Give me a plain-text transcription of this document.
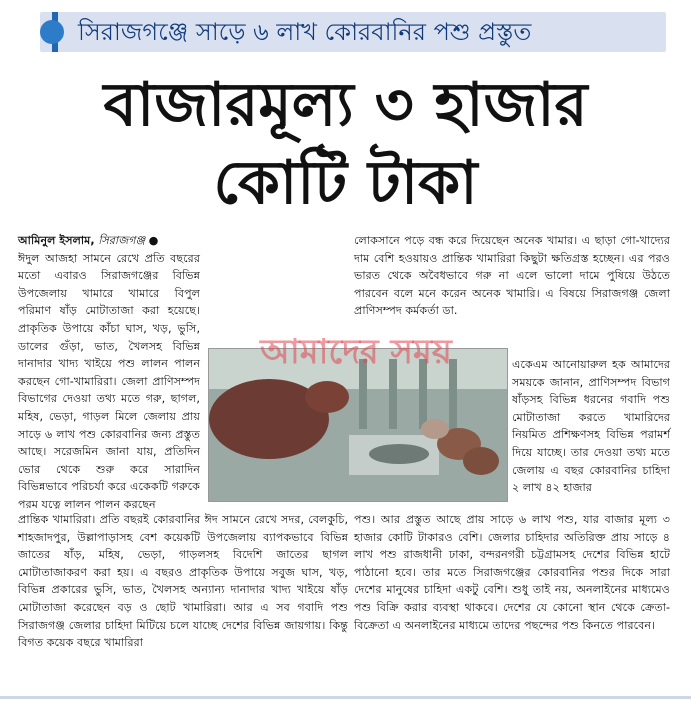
সিরাজগঞ্জে সাড়ে ৬ লাখ কোরবানির পশু প্রস্তুত
বাজারমূল্য ৩ হাজার
কোটি টাকা

আমিনুল ইসলাম, সিরাজগঞ্জ ●

ঈদুল আজহা সামনে রেখে প্রতি বছরের মতো এবারও সিরাজগঞ্জের বিভিন্ন উপজেলায় খামারে খামারে বিপুল পরিমাণ ষাঁড় মোটাতাজা করা হয়েছে। প্রাকৃতিক উপায়ে কাঁচা ঘাস, খড়, ভুসি, ডালের গুঁড়া, ভাত, খৈলসহ বিভিন্ন দানাদার খাদ্য খাইয়ে পশু লালন পালন করছেন গো-খামারিরা। জেলা প্রাণিসম্পদ বিভাগের দেওয়া তথ্য মতে গরু, ছাগল, মহিষ, ভেড়া, গাড়ল মিলে জেলায় প্রায় সাড়ে ৬ লাখ পশু কোরবানির জন্য প্রস্তুত আছে। সরেজমিন জানা যায়, প্রতিদিন ভোর থেকে শুরু করে সারাদিন বিভিন্নভাবে পরিচর্যা করে একেকটি গরুকে পরম যত্নে লালন পালন করছেন

আমাদের সময়

প্রান্তিক খামারিরা। প্রতি বছরই কোরবানির ঈদ সামনে রেখে সদর, বেলকুচি, শাহজাদপুর, উল্লাপাড়াসহ বেশ কয়েকটি উপজেলায় ব্যাপকভাবে বিভিন্ন জাতের ষাঁড়, মহিষ, ভেড়া, গাড়লসহ বিদেশি জাতের ছাগল মোটাতাজাকরণ করা হয়। এ বছরও প্রাকৃতিক উপায়ে সবুজ ঘাস, খড়, বিভিন্ন প্রকারের ভুসি, ভাত, খৈলসহ অন্যান্য দানাদার খাদ্য খাইয়ে ষাঁড় মোটাতাজা করেছেন বড় ও ছোট খামারিরা। আর এ সব গবাদি পশু সিরাজগঞ্জ জেলার চাহিদা মিটিয়ে চলে যাচ্ছে দেশের বিভিন্ন জায়গায়। কিন্তু বিগত কয়েক বছরে খামারিরা

লোকসানে পড়ে বন্ধ করে দিয়েছেন অনেক খামার। এ ছাড়া গো-খাদ্যের দাম বেশি হওয়ায়ও প্রান্তিক খামারিরা কিছুটা ক্ষতিগ্রস্ত হচ্ছেন। এর পরও ভারত থেকে অবৈধভাবে গরু না এলে ভালো দামে পুষিয়ে উঠতে পারবেন বলে মনে করেন অনেক খামারি। এ বিষয়ে সিরাজগঞ্জ জেলা প্রাণিসম্পদ কর্মকর্তা ডা.

একেএম আনোয়ারুল হক আমাদের সময়কে জানান, প্রাণিসম্পদ বিভাগ ষাঁড়সহ বিভিন্ন ধরনের গবাদি পশু মোটাতাজা করতে খামারিদের নিয়মিত প্রশিক্ষণসহ বিভিন্ন পরামর্শ দিয়ে যাচ্ছে। তার দেওয়া তথ্য মতে জেলায় এ বছর কোরবানির চাহিদা ২ লাখ ৪২ হাজার

পশু। আর প্রস্তুত আছে প্রায় সাড়ে ৬ লাখ পশু, যার বাজার মূল্য ৩ হাজার কোটি টাকারও বেশি। জেলার চাহিদার অতিরিক্ত প্রায় সাড়ে ৪ লাখ পশু রাজধানী ঢাকা, বন্দরনগরী চট্টগ্রামসহ দেশের বিভিন্ন হাটে পাঠানো হবে। তার মতে সিরাজগঞ্জের কোরবানির পশুর দিকে সারা দেশের মানুষের চাহিদা একটু বেশি। শুধু তাই নয়, অনলাইনের মাধ্যমেও পশু বিক্রি করার ব্যবস্থা থাকবে। দেশের যে কোনো স্থান থেকে ক্রেতা-বিক্রেতা এ অনলাইনের মাধ্যমে তাদের পছন্দের পশু কিনতে পারবেন।
